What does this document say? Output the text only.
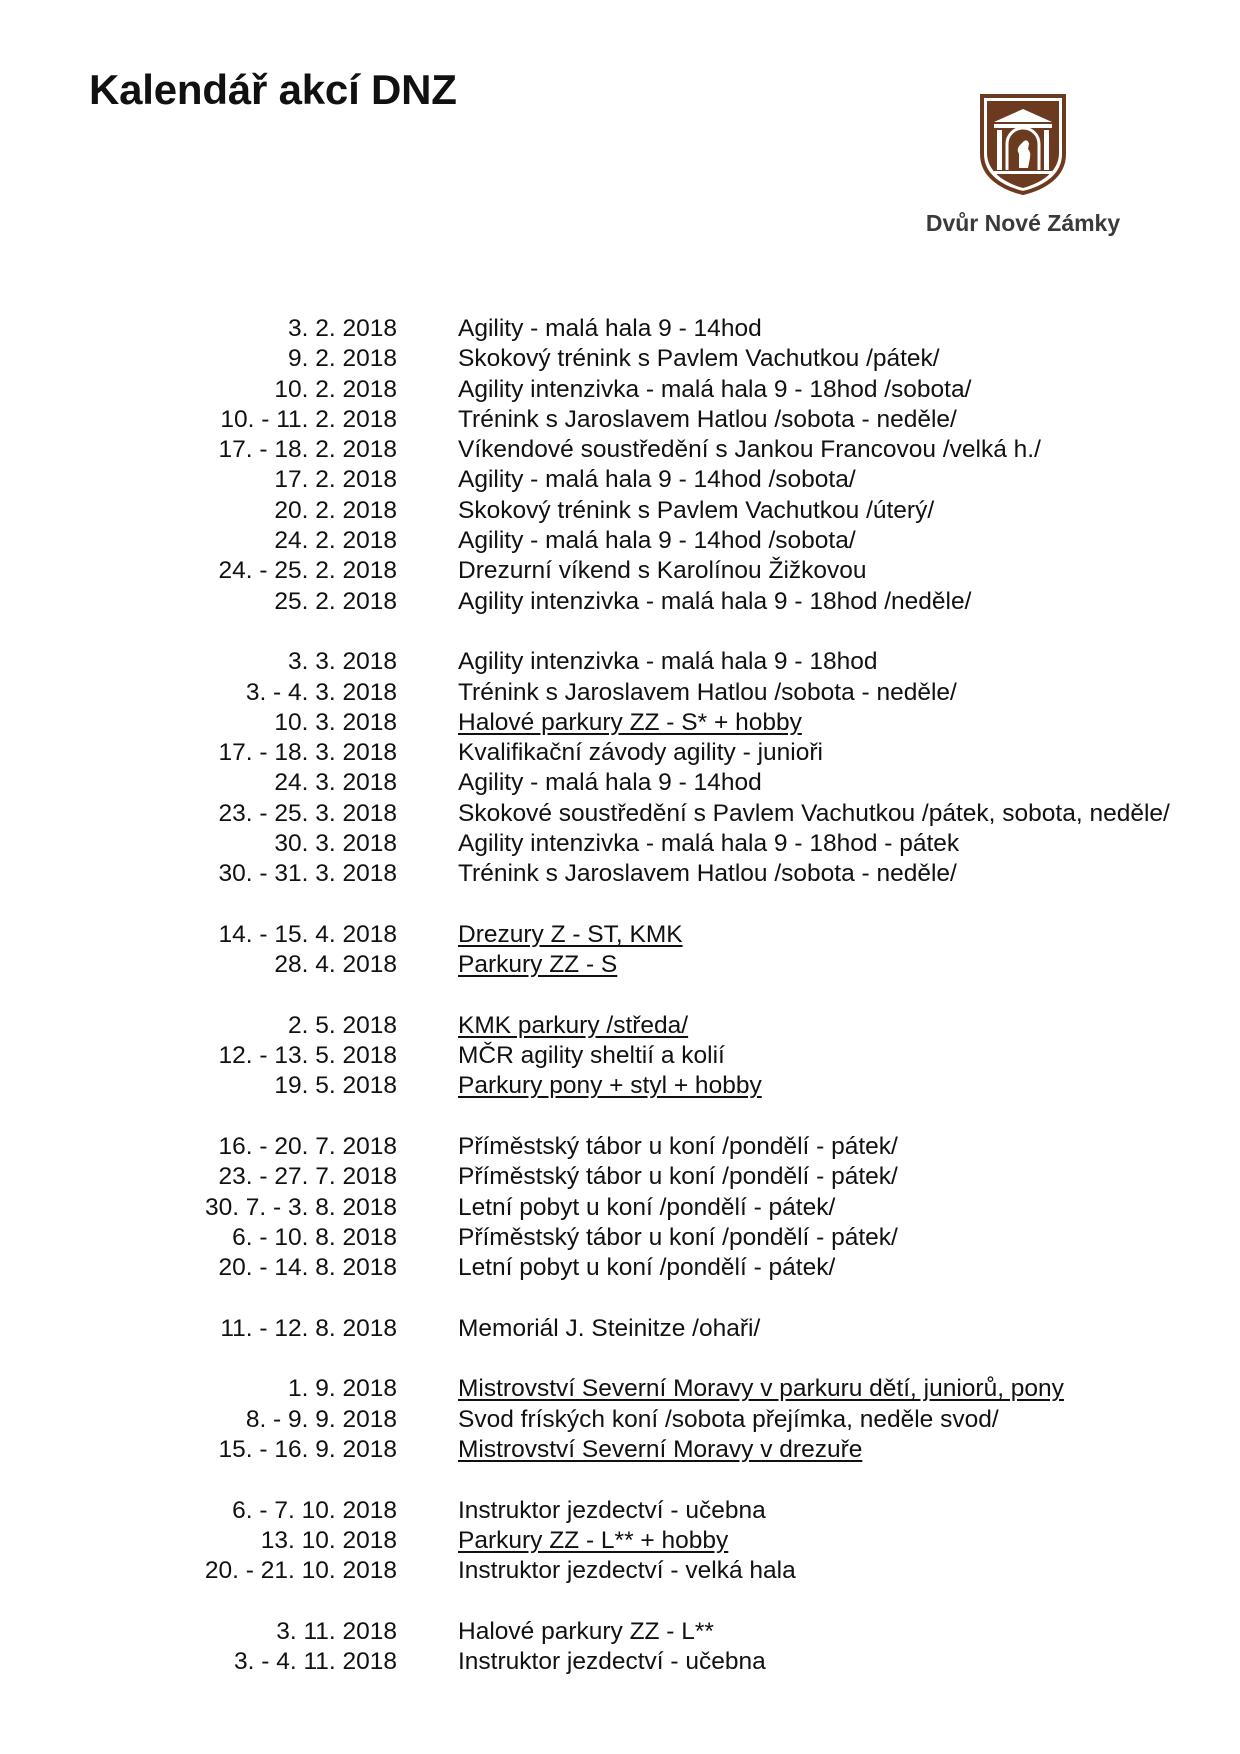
Kalendář akcí DNZ
Dvůr Nové Zámky
3. 2. 2018 Agility - malá hala 9 - 14hod
9. 2. 2018 Skokový trénink s Pavlem Vachutkou /pátek/
10. 2. 2018 Agility intenzivka - malá hala 9 - 18hod /sobota/
10. - 11. 2. 2018 Trénink s Jaroslavem Hatlou /sobota - neděle/
17. - 18. 2. 2018 Víkendové soustředění s Jankou Francovou /velká h./
17. 2. 2018 Agility - malá hala 9 - 14hod /sobota/
20. 2. 2018 Skokový trénink s Pavlem Vachutkou /úterý/
24. 2. 2018 Agility - malá hala 9 - 14hod /sobota/
24. - 25. 2. 2018 Drezurní víkend s Karolínou Žižkovou
25. 2. 2018 Agility intenzivka - malá hala 9 - 18hod /neděle/
3. 3. 2018 Agility intenzivka - malá hala 9 - 18hod
3. - 4. 3. 2018 Trénink s Jaroslavem Hatlou /sobota - neděle/
10. 3. 2018 Halové parkury ZZ - S* + hobby
17. - 18. 3. 2018 Kvalifikační závody agility - junioři
24. 3. 2018 Agility - malá hala 9 - 14hod
23. - 25. 3. 2018 Skokové soustředění s Pavlem Vachutkou /pátek, sobota, neděle/
30. 3. 2018 Agility intenzivka - malá hala 9 - 18hod - pátek
30. - 31. 3. 2018 Trénink s Jaroslavem Hatlou /sobota - neděle/
14. - 15. 4. 2018 Drezury Z - ST, KMK
28. 4. 2018 Parkury ZZ - S
2. 5. 2018 KMK parkury /středa/
12. - 13. 5. 2018 MČR agility sheltií a kolií
19. 5. 2018 Parkury pony + styl + hobby
16. - 20. 7. 2018 Příměstský tábor u koní /pondělí - pátek/
23. - 27. 7. 2018 Příměstský tábor u koní /pondělí - pátek/
30. 7. - 3. 8. 2018 Letní pobyt u koní /pondělí - pátek/
6. - 10. 8. 2018 Příměstský tábor u koní /pondělí - pátek/
20. - 14. 8. 2018 Letní pobyt u koní /pondělí - pátek/
11. - 12. 8. 2018 Memoriál J. Steinitze /ohaři/
1. 9. 2018 Mistrovství Severní Moravy v parkuru dětí, juniorů, pony
8. - 9. 9. 2018 Svod fríských koní /sobota přejímka, neděle svod/
15. - 16. 9. 2018 Mistrovství Severní Moravy v drezuře
6. - 7. 10. 2018 Instruktor jezdectví - učebna
13. 10. 2018 Parkury ZZ - L** + hobby
20. - 21. 10. 2018 Instruktor jezdectví - velká hala
3. 11. 2018 Halové parkury ZZ - L**
3. - 4. 11. 2018 Instruktor jezdectví - učebna
